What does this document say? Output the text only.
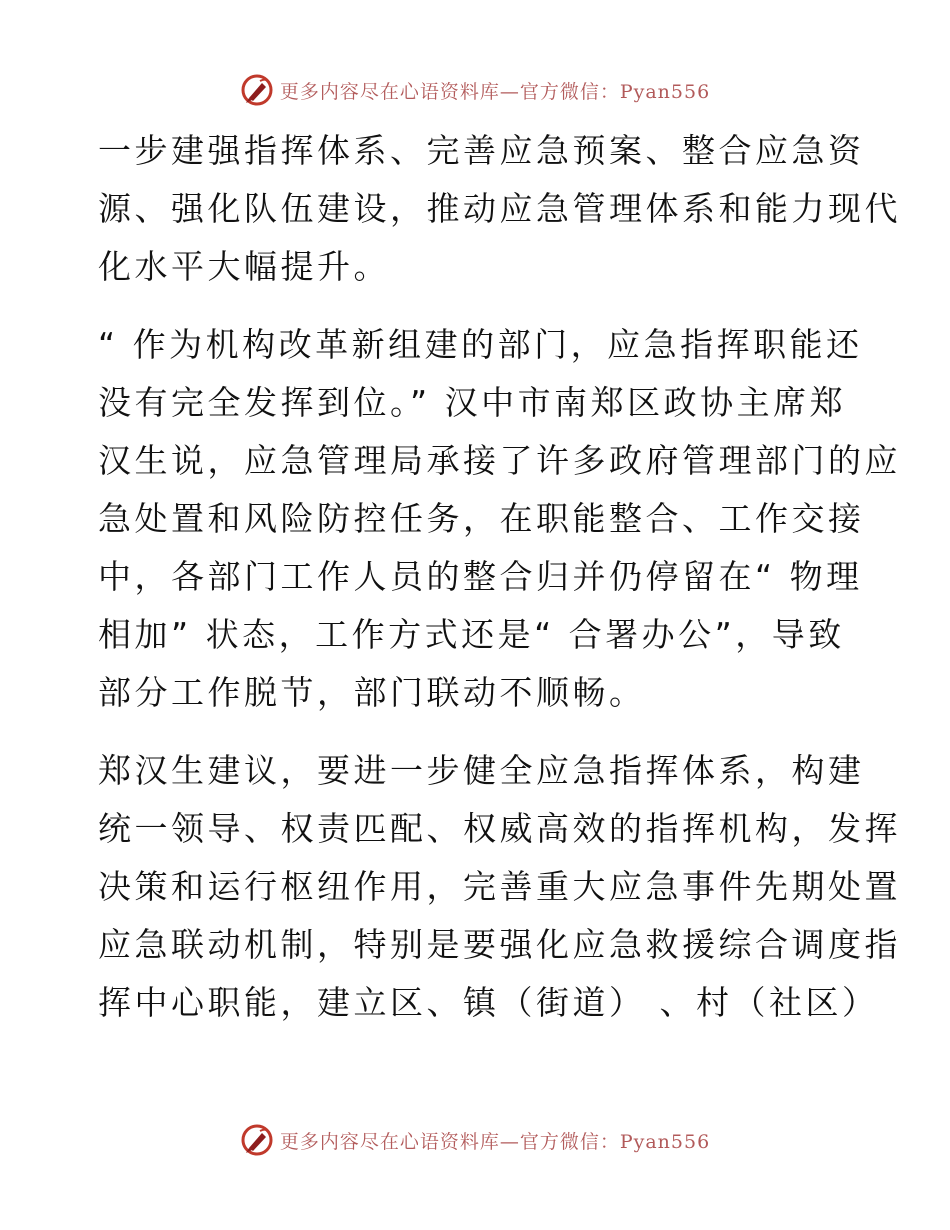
更多内容尽在心语资料库—官方微信：Pyan556

一步建强指挥体系、完善应急预案、整合应急资
源、强化队伍建设，推动应急管理体系和能力现代
化水平大幅提升。

“ 作为机构改革新组建的部门，应急指挥职能还
没有完全发挥到位。” 汉中市南郑区政协主席郑
汉生说，应急管理局承接了许多政府管理部门的应
急处置和风险防控任务，在职能整合、工作交接
中，各部门工作人员的整合归并仍停留在“ 物理
相加” 状态，工作方式还是“ 合署办公”，导致
部分工作脱节，部门联动不顺畅。

郑汉生建议，要进一步健全应急指挥体系，构建
统一领导、权责匹配、权威高效的指挥机构，发挥
决策和运行枢纽作用，完善重大应急事件先期处置
应急联动机制，特别是要强化应急救援综合调度指
挥中心职能，建立区、镇（街道） 、村（社区）

更多内容尽在心语资料库—官方微信：Pyan556
